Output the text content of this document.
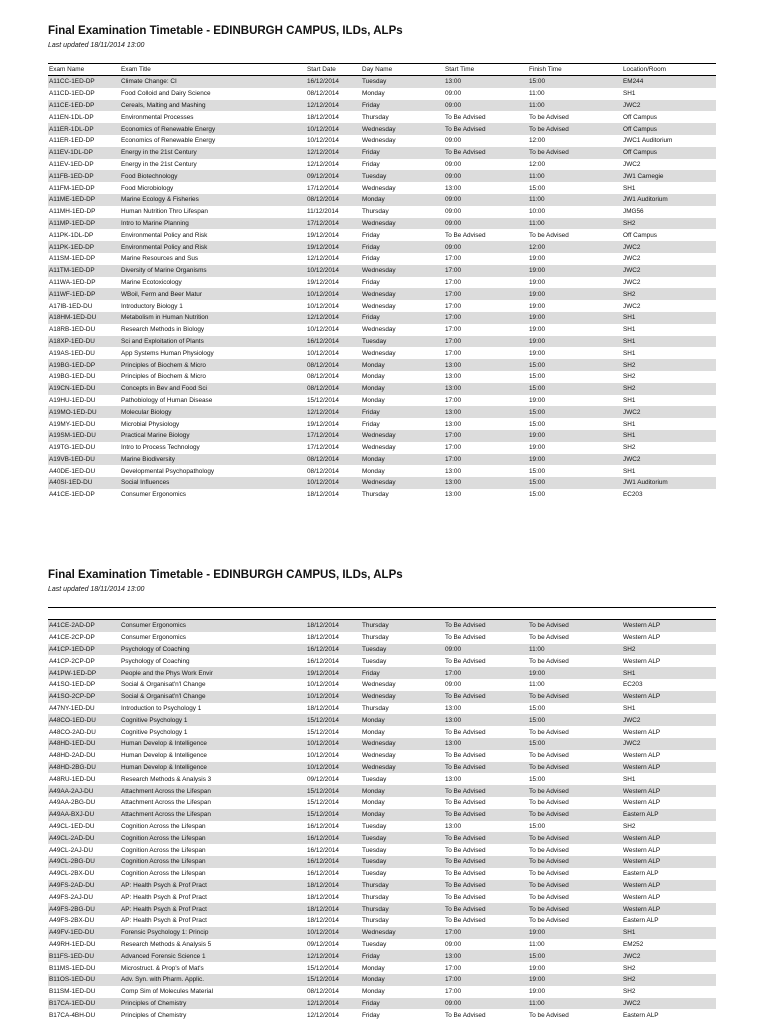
Final Examination Timetable - EDINBURGH CAMPUS, ILDs, ALPs
Last updated 18/11/2014 13:00
Exam Name	Exam Title	Start Date	Day Name	Start Time	Finish Time	Location/Room
A11CC-1ED-DP	Climate Change: CI	16/12/2014	Tuesday	13:00	15:00	EM244
A11CD-1ED-DP	Food Colloid and Dairy Science	08/12/2014	Monday	09:00	11:00	SH1
A11CE-1ED-DP	Cereals, Malting and Mashing	12/12/2014	Friday	09:00	11:00	JWC2
A11EN-1DL-DP	Environmental Processes	18/12/2014	Thursday	To Be Advised	To be Advised	Off Campus
A11ER-1DL-DP	Economics of Renewable Energy	10/12/2014	Wednesday	To Be Advised	To be Advised	Off Campus
A11ER-1ED-DP	Economics of Renewable Energy	10/12/2014	Wednesday	09:00	12:00	JWC1 Auditorium
A11EV-1DL-DP	Energy in the 21st Century	12/12/2014	Friday	To Be Advised	To be Advised	Off Campus
A11EV-1ED-DP	Energy in the 21st Century	12/12/2014	Friday	09:00	12:00	JWC2
A11FB-1ED-DP	Food Biotechnology	09/12/2014	Tuesday	09:00	11:00	JW1 Carnegie
A11FM-1ED-DP	Food Microbiology	17/12/2014	Wednesday	13:00	15:00	SH1
A11ME-1ED-DP	Marine Ecology & Fisheries	08/12/2014	Monday	09:00	11:00	JW1 Auditorium
A11MH-1ED-DP	Human Nutrition Thro Lifespan	11/12/2014	Thursday	09:00	10:00	JMG56
A11MP-1ED-DP	Intro to Marine Planning	17/12/2014	Wednesday	09:00	11:00	SH2
A11PK-1DL-DP	Environmental Policy and Risk	19/12/2014	Friday	To Be Advised	To be Advised	Off Campus
A11PK-1ED-DP	Environmental Policy and Risk	19/12/2014	Friday	09:00	12:00	JWC2
A11SM-1ED-DP	Marine Resources and Sus	12/12/2014	Friday	17:00	19:00	JWC2
A11TM-1ED-DP	Diversity of Marine Organisms	10/12/2014	Wednesday	17:00	19:00	JWC2
A11WA-1ED-DP	Marine Ecotoxicology	19/12/2014	Friday	17:00	19:00	JWC2
A11WF-1ED-DP	WBoil, Ferm and Beer Matur	10/12/2014	Wednesday	17:00	19:00	SH2
A17IB-1ED-DU	Introductory Biology 1	10/12/2014	Wednesday	17:00	19:00	JWC2
A18HM-1ED-DU	Metabolism in Human Nutrition	12/12/2014	Friday	17:00	19:00	SH1
A18RB-1ED-DU	Research Methods in Biology	10/12/2014	Wednesday	17:00	19:00	SH1
A18XP-1ED-DU	Sci and Exploitation of Plants	16/12/2014	Tuesday	17:00	19:00	SH1
A19AS-1ED-DU	App Systems Human Physiology	10/12/2014	Wednesday	17:00	19:00	SH1
A19BG-1ED-DP	Principles of Biochem & Micro	08/12/2014	Monday	13:00	15:00	SH2
A19BG-1ED-DU	Principles of Biochem & Micro	08/12/2014	Monday	13:00	15:00	SH2
A19CN-1ED-DU	Concepts in Bev and Food Sci	08/12/2014	Monday	13:00	15:00	SH2
A19HU-1ED-DU	Pathobiology of Human Disease	15/12/2014	Monday	17:00	19:00	SH1
A19MO-1ED-DU	Molecular Biology	12/12/2014	Friday	13:00	15:00	JWC2
A19MY-1ED-DU	Microbial Physiology	19/12/2014	Friday	13:00	15:00	SH1
A19SM-1ED-DU	Practical Marine Biology	17/12/2014	Wednesday	17:00	19:00	SH1
A19TG-1ED-DU	Intro to Process Technology	17/12/2014	Wednesday	17:00	19:00	SH2
A19VB-1ED-DU	Marine Biodiversity	08/12/2014	Monday	17:00	19:00	JWC2
A40DE-1ED-DU	Developmental Psychopathology	08/12/2014	Monday	13:00	15:00	SH1
A40SI-1ED-DU	Social Influences	10/12/2014	Wednesday	13:00	15:00	JW1 Auditorium
A41CE-1ED-DP	Consumer Ergonomics	18/12/2014	Thursday	13:00	15:00	EC203
Final Examination Timetable - EDINBURGH CAMPUS, ILDs, ALPs
Last updated 18/11/2014 13:00

A41CE-2AD-DP	Consumer Ergonomics	18/12/2014	Thursday	To Be Advised	To be Advised	Western ALP
A41CE-2CP-DP	Consumer Ergonomics	18/12/2014	Thursday	To Be Advised	To be Advised	Western ALP
A41CP-1ED-DP	Psychology of Coaching	16/12/2014	Tuesday	09:00	11:00	SH2
A41CP-2CP-DP	Psychology of Coaching	16/12/2014	Tuesday	To Be Advised	To be Advised	Western ALP
A41PW-1ED-DP	People and the Phys Work Envir	19/12/2014	Friday	17:00	19:00	SH1
A41SO-1ED-DP	Social & Organisat'n'l Change	10/12/2014	Wednesday	09:00	11:00	EC203
A41SO-2CP-DP	Social & Organisat'n'l Change	10/12/2014	Wednesday	To Be Advised	To be Advised	Western ALP
A47NY-1ED-DU	Introduction to Psychology 1	18/12/2014	Thursday	13:00	15:00	SH1
A48CO-1ED-DU	Cognitive Psychology 1	15/12/2014	Monday	13:00	15:00	JWC2
A48CO-2AD-DU	Cognitive Psychology 1	15/12/2014	Monday	To Be Advised	To be Advised	Western ALP
A48HD-1ED-DU	Human Develop & Intelligence	10/12/2014	Wednesday	13:00	15:00	JWC2
A48HD-2AD-DU	Human Develop & Intelligence	10/12/2014	Wednesday	To Be Advised	To be Advised	Western ALP
A48HD-2BG-DU	Human Develop & Intelligence	10/12/2014	Wednesday	To Be Advised	To be Advised	Western ALP
A48RU-1ED-DU	Research Methods & Analysis 3	09/12/2014	Tuesday	13:00	15:00	SH1
A49AA-2AJ-DU	Attachment Across the Lifespan	15/12/2014	Monday	To Be Advised	To be Advised	Western ALP
A49AA-2BG-DU	Attachment Across the Lifespan	15/12/2014	Monday	To Be Advised	To be Advised	Western ALP
A49AA-BXJ-DU	Attachment Across the Lifespan	15/12/2014	Monday	To Be Advised	To be Advised	Eastern ALP
A49CL-1ED-DU	Cognition Across the Lifespan	16/12/2014	Tuesday	13:00	15:00	SH2
A49CL-2AD-DU	Cognition Across the Lifespan	16/12/2014	Tuesday	To Be Advised	To be Advised	Western ALP
A49CL-2AJ-DU	Cognition Across the Lifespan	16/12/2014	Tuesday	To Be Advised	To be Advised	Western ALP
A49CL-2BG-DU	Cognition Across the Lifespan	16/12/2014	Tuesday	To Be Advised	To be Advised	Western ALP
A49CL-2BX-DU	Cognition Across the Lifespan	16/12/2014	Tuesday	To Be Advised	To be Advised	Eastern ALP
A49FS-2AD-DU	AP: Health Psych & Prof Pract	18/12/2014	Thursday	To Be Advised	To be Advised	Western ALP
A49FS-2AJ-DU	AP: Health Psych & Prof Pract	18/12/2014	Thursday	To Be Advised	To be Advised	Western ALP
A49FS-2BG-DU	AP: Health Psych & Prof Pract	18/12/2014	Thursday	To Be Advised	To be Advised	Western ALP
A49FS-2BX-DU	AP: Health Psych & Prof Pract	18/12/2014	Thursday	To Be Advised	To be Advised	Eastern ALP
A49FV-1ED-DU	Forensic Psychology 1: Princip	10/12/2014	Wednesday	17:00	19:00	SH1
A49RH-1ED-DU	Research Methods & Analysis 5	09/12/2014	Tuesday	09:00	11:00	EM252
B11FS-1ED-DU	Advanced Forensic Science 1	12/12/2014	Friday	13:00	15:00	JWC2
B11MS-1ED-DU	Microstruct. & Prop's of Mat's	15/12/2014	Monday	17:00	19:00	SH2
B11OS-1ED-DU	Adv. Syn. with Pharm. Applic.	15/12/2014	Monday	17:00	19:00	SH2
B11SM-1ED-DU	Comp Sim of Molecules Material	08/12/2014	Monday	17:00	19:00	SH2
B17CA-1ED-DU	Principles of Chemistry	12/12/2014	Friday	09:00	11:00	JWC2
B17CA-4BH-DU	Principles of Chemistry	12/12/2014	Friday	To Be Advised	To be Advised	Eastern ALP
